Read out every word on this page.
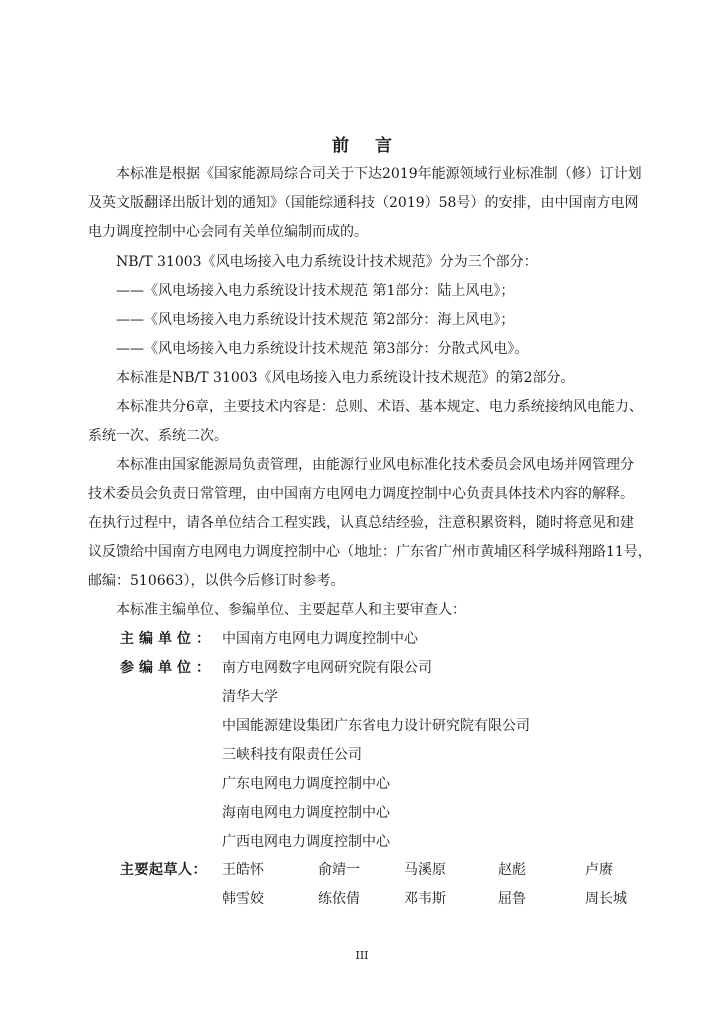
前言
本标准是根据《国家能源局综合司关于下达2019年能源领域行业标准制（修）订计划
及英文版翻译出版计划的通知》（国能综通科技（2019）58号）的安排，由中国南方电网
电力调度控制中心会同有关单位编制而成的。
NB/T 31003《风电场接入电力系统设计技术规范》分为三个部分：
——《风电场接入电力系统设计技术规范 第1部分：陆上风电》；
——《风电场接入电力系统设计技术规范 第2部分：海上风电》；
——《风电场接入电力系统设计技术规范 第3部分：分散式风电》。
本标准是NB/T 31003《风电场接入电力系统设计技术规范》的第2部分。
本标准共分6章，主要技术内容是：总则、术语、基本规定、电力系统接纳风电能力、
系统一次、系统二次。
本标准由国家能源局负责管理，由能源行业风电标准化技术委员会风电场并网管理分
技术委员会负责日常管理，由中国南方电网电力调度控制中心负责具体技术内容的解释。
在执行过程中，请各单位结合工程实践，认真总结经验，注意积累资料，随时将意见和建
议反馈给中国南方电网电力调度控制中心（地址：广东省广州市黄埔区科学城科翔路11号，
邮编：510663），以供今后修订时参考。
本标准主编单位、参编单位、主要起草人和主要审查人：
主编单位： 中国南方电网电力调度控制中心
参编单位： 南方电网数字电网研究院有限公司
清华大学
中国能源建设集团广东省电力设计研究院有限公司
三峡科技有限责任公司
广东电网电力调度控制中心
海南电网电力调度控制中心
广西电网电力调度控制中心
主要起草人： 王皓怀	俞靖一	马溪原	赵彪	卢赓
韩雪姣	练依倩	邓韦斯	屈鲁	周长城
III
